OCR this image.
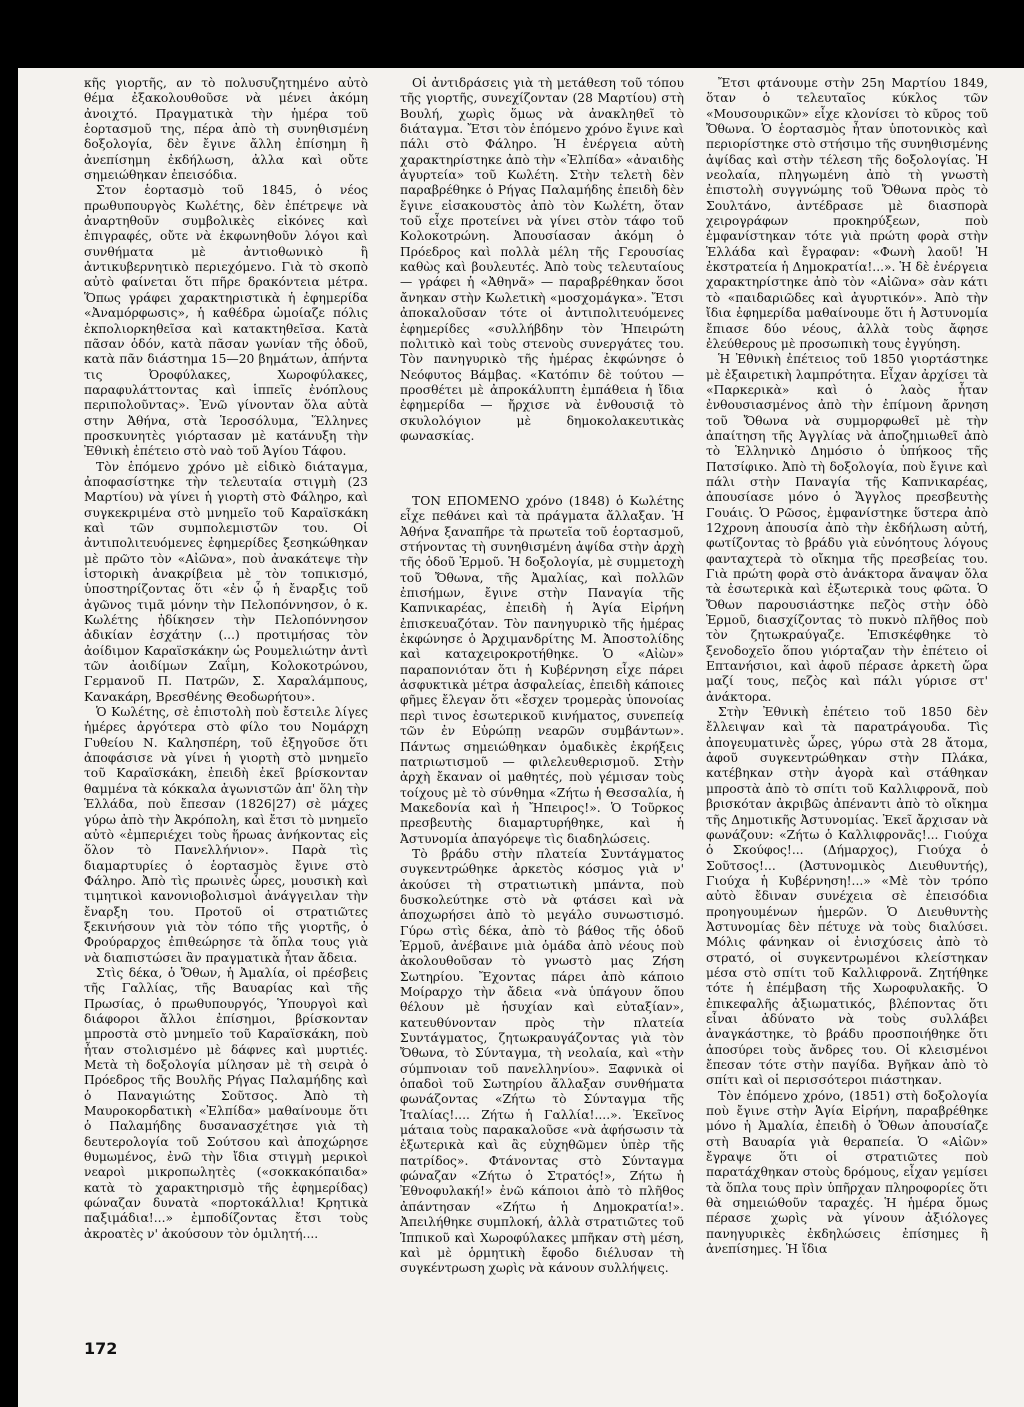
κῆς γιορτῆς, αν τὸ πολυσυζητημένο αὐτὸ θέμα ἐξακολουθοῦσε νὰ μένει ἀκόμη ἀνοιχτό. Πραγματικὰ τὴν ἡμέρα τοῦ ἑορτασμοῦ της, πέρα ἀπὸ τὴ συνηθισμένη δοξολογία, δὲν ἔγινε ἄλλη ἐπίσημη ἢ ἀνεπίσημη ἐκδήλωση, ἀλλα καὶ οὔτε σημειώθηκαν ἐπεισόδια.

Στον ἑορτασμὸ τοῦ 1845, ὁ νέος πρωθυπουργὸς Κωλέτης, δὲν ἐπέτρεψε νὰ ἀναρτηθοῦν συμβολικὲς εἰκόνες καὶ ἐπιγραφές, οὔτε νὰ ἐκφωνηθοῦν λόγοι καὶ συνθήματα μὲ ἀντιοθωνικὸ ἢ ἀντικυβερνητικὸ περιεχόμενο. Γιὰ τὸ σκοπὸ αὐτὸ φαίνεται ὅτι πῆρε δρακόντεια μέτρα. Ὅπως γράφει χαρακτηριστικὰ ἡ ἐφημερίδα «Ἀναμόρφωσις», ἡ καθέδρα ὡμοίαζε πόλις ἐκπολιορκηθεῖσα καὶ κατακτηθεῖσα. Κατὰ πᾶσαν ὁδόν, κατὰ πᾶσαν γωνίαν τῆς ὁδοῦ, κατὰ πᾶν διάστημα 15—20 βημάτων, ἀπήντα τις Ὀροφύλακες, Χωροφύλακες, παραφυλάττοντας καὶ ἱππεῖς ἐνόπλους περιπολοῦντας». Ἐνῶ γίνονταν ὅλα αὐτὰ στην Ἀθήνα, στὰ Ἱεροσόλυμα, Ἕλληνες προσκυνητὲς γιόρτασαν μὲ κατάνυξη τὴν Ἐθνικὴ ἐπέτειο στὸ ναὸ τοῦ Ἁγίου Τάφου.

Τὸν ἑπόμενο χρόνο μὲ εἰδικὸ διάταγμα, ἀποφασίστηκε τὴν τελευταία στιγμὴ (23 Μαρτίου) νὰ γίνει ἡ γιορτὴ στὸ Φάληρο, καὶ συγκεκριμένα στὸ μνημεῖο τοῦ Καραϊσκάκη καὶ τῶν συμπολεμιστῶν του. Οἱ ἀντιπολιτευόμενες ἐφημερίδες ξεσηκώθηκαν μὲ πρῶτο τὸν «Αἰῶνα», ποὺ ἀνακάτεψε τὴν ἱστορικὴ ἀνακρίβεια μὲ τὸν τοπικισμό, ὑποστηρίζοντας ὅτι «ἐν ᾧ ἡ ἔναρξις τοῦ ἀγῶνος τιμᾶ μόνην τὴν Πελοπόννησον, ὁ κ. Κωλέτης ἠδίκησεν τὴν Πελοπόννησον ἀδικίαν ἐσχάτην (...) προτιμήσας τὸν ἀοίδιμον Καραϊσκάκην ὡς Ρουμελιώτην ἀντὶ τῶν ἀοιδίμων Ζαΐμη, Κολοκοτρώνου, Γερμανοῦ Π. Πατρῶν, Σ. Χαραλάμπους, Κανακάρη, Βρεσθένης Θεοδωρήτου».

Ὁ Κωλέτης, σὲ ἐπιστολὴ ποὺ ἔστειλε λίγες ἡμέρες ἀργότερα στὸ φίλο του Νομάρχη Γυθείου Ν. Καλησπέρη, τοῦ ἐξηγοῦσε ὅτι ἀποφάσισε νὰ γίνει ἡ γιορτὴ στὸ μνημεῖο τοῦ Καραϊσκάκη, ἐπειδὴ ἐκεῖ βρίσκονταν θαμμένα τὰ κόκκαλα ἀγωνιστῶν ἀπ' ὅλη τὴν Ἑλλάδα, ποὺ ἔπεσαν (1826|27) σὲ μάχες γύρω ἀπὸ τὴν Ἀκρόπολη, καὶ ἔτσι τὸ μνημεῖο αὐτὸ «ἐμπεριέχει τοὺς ἥρωας ἀνήκοντας εἰς ὅλον τὸ Πανελλήνιον». Παρὰ τὶς διαμαρτυρίες ὁ ἑορτασμὸς ἔγινε στὸ Φάληρο. Ἀπὸ τὶς πρωινὲς ὧρες, μουσικὴ καὶ τιμητικοὶ κανονιοβολισμοὶ ἀνάγγειλαν τὴν ἔναρξη του. Προτοῦ οἱ στρατιῶτες ξεκινήσουν γιὰ τὸν τόπο τῆς γιορτῆς, ὁ Φρούραρχος ἐπιθεώρησε τὰ ὅπλα τους γιὰ νὰ διαπιστώσει ἂν πραγματικὰ ἦταν ἄδεια.

Στὶς δέκα, ὁ Ὄθων, ἡ Ἀμαλία, οἱ πρέσβεις τῆς Γαλλίας, τῆς Βαυαρίας καὶ τῆς Πρωσίας, ὁ πρωθυπουργός, Ὑπουργοὶ καὶ διάφοροι ἄλλοι ἐπίσημοι, βρίσκονταν μπροστὰ στὸ μνημεῖο τοῦ Καραϊσκάκη, ποὺ ἦταν στολισμένο μὲ δάφνες καὶ μυρτιές. Μετὰ τὴ δοξολογία μίλησαν μὲ τὴ σειρὰ ὁ Πρόεδρος τῆς Βουλῆς Ρήγας Παλαμήδης καὶ ὁ Παναγιώτης Σοῦτσος. Ἀπὸ τὴ Μαυροκορδατικὴ «Ἐλπίδα» μαθαίνουμε ὅτι ὁ Παλαμήδης δυσανασχέτησε γιὰ τὴ δευτερολογία τοῦ Σούτσου καὶ ἀποχώρησε θυμωμένος, ἐνῶ τὴν ἴδια στιγμὴ μερικοὶ νεαροὶ μικροπωλητὲς («σοκκακόπαιδα» κατὰ τὸ χαρακτηρισμὸ τῆς ἐφημερίδας) φώναζαν δυνατὰ «πορτοκάλλια! Κρητικὰ παξιμάδια!...» ἐμποδίζοντας ἔτσι τοὺς ἀκροατὲς ν' ἀκούσουν τὸν ὁμιλητή....

Οἱ ἀντιδράσεις γιὰ τὴ μετάθεση τοῦ τόπου τῆς γιορτῆς, συνεχίζονταν (28 Μαρτίου) στὴ Βουλή, χωρὶς ὅμως νὰ ἀνακληθεῖ τὸ διάταγμα. Ἔτσι τὸν ἑπόμενο χρόνο ἔγινε καὶ πάλι στὸ Φάληρο. Ἡ ἐνέργεια αὐτὴ χαρακτηρίστηκε ἀπὸ τὴν «Ἐλπίδα» «ἀναιδὴς ἀγυρτεία» τοῦ Κωλέτη. Στὴν τελετὴ δὲν παραβρέθηκε ὁ Ρήγας Παλαμήδης ἐπειδὴ δὲν ἔγινε εἰσακουστὸς ἀπὸ τὸν Κωλέτη, ὅταν τοῦ εἶχε προτείνει νὰ γίνει στὸν τάφο τοῦ Κολοκοτρώνη. Ἀπουσίασαν ἀκόμη ὁ Πρόεδρος καὶ πολλὰ μέλη τῆς Γερουσίας καθὼς καὶ βουλευτές. Ἀπὸ τοὺς τελευταίους — γράφει ἡ «Ἀθηνᾶ» — παραβρέθηκαν ὅσοι ἄνηκαν στὴν Κωλετικὴ «μοσχομάγκα». Ἔτσι ἀποκαλοῦσαν τότε οἱ ἀντιπολιτευόμενες ἐφημερίδες «συλλήβδην τὸν Ἠπειρώτη πολιτικὸ καὶ τοὺς στενοὺς συνεργάτες του. Τὸν πανηγυρικὸ τῆς ἡμέρας ἐκφώνησε ὁ Νεόφυτος Βάμβας. «Κατόπιν δὲ τούτου — προσθέτει μὲ ἀπροκάλυπτη ἐμπάθεια ἡ ἴδια ἐφημερίδα — ἤρχισε νὰ ἐνθουσιᾷ τὸ σκυλολόγιον μὲ δημοκολακευτικὰς φωνασκίας.

ΤΟΝ ΕΠΟΜΕΝΟ χρόνο (1848) ὁ Κωλέτης εἶχε πεθάνει καὶ τὰ πράγματα ἄλλαξαν. Ἡ Ἀθήνα ξαναπῆρε τὰ πρωτεῖα τοῦ ἑορτασμοῦ, στήνοντας τὴ συνηθισμένη ἁψίδα στὴν ἀρχὴ τῆς ὁδοῦ Ἑρμοῦ. Ἡ δοξολογία, μὲ συμμετοχὴ τοῦ Ὄθωνα, τῆς Ἀμαλίας, καὶ πολλῶν ἐπισήμων, ἔγινε στὴν Παναγία τῆς Καπνικαρέας, ἐπειδὴ ἡ Ἁγία Εἰρήνη ἐπισκευαζόταν. Τὸν πανηγυρικὸ τῆς ἡμέρας ἐκφώνησε ὁ Ἀρχιμανδρίτης Μ. Ἀποστολίδης καὶ καταχειροκροτήθηκε. Ὁ «Αἰὼν» παραπονιόταν ὅτι ἡ Κυβέρνηση εἶχε πάρει ἀσφυκτικὰ μέτρα ἀσφαλείας, ἐπειδὴ κάποιες φῆμες ἔλεγαν ὅτι «ἔσχεν τρομερὰς ὑπονοίας περὶ τινος ἐσωτερικοῦ κινήματος, συνεπείᾳ τῶν ἐν Εὐρώπῃ νεαρῶν συμβάντων». Πάντως σημειώθηκαν ὁμαδικὲς ἐκρήξεις πατριωτισμοῦ — φιλελευθερισμοῦ. Στὴν ἀρχὴ ἔκαναν οἱ μαθητές, ποὺ γέμισαν τοὺς τοίχους μὲ τὸ σύνθημα «Ζήτω ἡ Θεσσαλία, ἡ Μακεδονία καὶ ἡ Ἤπειρος!». Ὁ Τοῦρκος πρεσβευτὴς διαμαρτυρήθηκε, καὶ ἡ Ἀστυνομία ἀπαγόρεψε τὶς διαδηλώσεις.

Τὸ βράδυ στὴν πλατεία Συντάγματος συγκεντρώθηκε ἀρκετὸς κόσμος γιὰ ν' ἀκούσει τὴ στρατιωτικὴ μπάντα, ποὺ δυσκολεύτηκε στὸ νὰ φτάσει καὶ νὰ ἀποχωρήσει ἀπὸ τὸ μεγάλο συνωστισμό. Γύρω στὶς δέκα, ἀπὸ τὸ βάθος τῆς ὁδοῦ Ἑρμοῦ, ἀνέβαινε μιὰ ὁμάδα ἀπὸ νέους ποὺ ἀκολουθοῦσαν τὸ γνωστὸ μας Ζήση Σωτηρίου. Ἔχοντας πάρει ἀπὸ κάποιο Μοίραρχο τὴν ἄδεια «νὰ ὑπάγουν ὅπου θέλουν μὲ ἡσυχίαν καὶ εὐταξίαν», κατευθύνονταν πρὸς τὴν πλατεία Συντάγματος, ζητωκραυγάζοντας γιὰ τὸν Ὄθωνα, τὸ Σύνταγμα, τὴ νεολαία, καὶ «τὴν σύμπνοιαν τοῦ πανελληνίου». Ξαφνικὰ οἱ ὁπαδοὶ τοῦ Σωτηρίου ἄλλαξαν συνθήματα φωνάζοντας «Ζήτω τὸ Σύνταγμα τῆς Ἰταλίας!.... Ζήτω ἡ Γαλλία!....». Ἐκεῖνος μάταια τοὺς παρακαλοῦσε «νὰ ἀφήσωσιν τὰ ἐξωτερικὰ καὶ ἂς εὐχηθῶμεν ὑπὲρ τῆς πατρίδος». Φτάνοντας στὸ Σύνταγμα φώναζαν «Ζήτω ὁ Στρατός!», Ζήτω ἡ Ἐθνοφυλακή!» ἐνῶ κάποιοι ἀπὸ τὸ πλῆθος ἀπάντησαν «Ζήτω ἡ Δημοκρατία!». Ἀπειλήθηκε συμπλοκή, ἀλλὰ στρατιῶτες τοῦ Ἱππικοῦ καὶ Χωροφύλακες μπῆκαν στὴ μέση, καὶ μὲ ὁρμητικὴ ἔφοδο διέλυσαν τὴ συγκέντρωση χωρὶς νὰ κάνουν συλλήψεις.

Ἔτσι φτάνουμε στὴν 25η Μαρτίου 1849, ὅταν ὁ τελευταῖος κύκλος τῶν «Μουσουρικῶν» εἶχε κλονίσει τὸ κῦρος τοῦ Ὄθωνα. Ὁ ἑορτασμὸς ἦταν ὑποτονικὸς καὶ περιορίστηκε στὸ στήσιμο τῆς συνηθισμένης ἀψίδας καὶ στὴν τέλεση τῆς δοξολογίας. Ἡ νεολαία, πληγωμένη ἀπὸ τὴ γνωστὴ ἐπιστολὴ συγγνώμης τοῦ Ὄθωνα πρὸς τὸ Σουλτάνο, ἀντέδρασε μὲ διασπορὰ χειρογράφων προκηρύξεων, ποὺ ἐμφανίστηκαν τότε γιὰ πρώτη φορὰ στὴν Ἑλλάδα καὶ ἔγραφαν: «Φωνὴ λαοῦ! Ἡ ἐκστρατεία ἡ Δημοκρατία!...». Ἡ δὲ ἐνέργεια χαρακτηρίστηκε ἀπὸ τὸν «Αἰῶνα» σὰν κάτι τὸ «παιδαριῶδες καὶ ἀγυρτικόν». Ἀπὸ τὴν ἴδια ἐφημερίδα μαθαίνουμε ὅτι ἡ Ἀστυνομία ἔπιασε δύο νέους, ἀλλὰ τοὺς ἄφησε ἐλεύθερους μὲ προσωπικὴ τους ἐγγύηση.

Ἡ Ἐθνικὴ ἐπέτειος τοῦ 1850 γιορτάστηκε μὲ ἐξαιρετικὴ λαμπρότητα. Εἶχαν ἀρχίσει τὰ «Παρκερικὰ» καὶ ὁ λαὸς ἦταν ἐνθουσιασμένος ἀπὸ τὴν ἐπίμονη ἄρνηση τοῦ Ὄθωνα νὰ συμμορφωθεῖ μὲ τὴν ἀπαίτηση τῆς Ἀγγλίας νὰ ἀποζημιωθεῖ ἀπὸ τὸ Ἑλληνικὸ Δημόσιο ὁ ὑπήκοος τῆς Πατσίφικο. Ἀπὸ τὴ δοξολογία, ποὺ ἔγινε καὶ πάλι στὴν Παναγία τῆς Καπνικαρέας, ἀπουσίασε μόνο ὁ Ἄγγλος πρεσβευτὴς Γουάις. Ὁ Ρῶσος, ἐμφανίστηκε ὕστερα ἀπὸ 12χρονη ἀπουσία ἀπὸ τὴν ἐκδήλωση αὐτή, φωτίζοντας τὸ βράδυ γιὰ εὐνόητους λόγους φανταχτερὰ τὸ οἴκημα τῆς πρεσβείας του. Γιὰ πρώτη φορὰ στὸ ἀνάκτορα ἄναψαν ὅλα τὰ ἐσωτερικὰ καὶ ἐξωτερικὰ τους φῶτα. Ὁ Ὄθων παρουσιάστηκε πεζὸς στὴν ὁδὸ Ἑρμοῦ, διασχίζοντας τὸ πυκνὸ πλῆθος ποὺ τὸν ζητωκραύγαζε. Ἐπισκέφθηκε τὸ ξενοδοχεῖο ὅπου γιόρταζαν τὴν ἐπέτειο οἱ Επτανήσιοι, καὶ ἀφοῦ πέρασε ἀρκετὴ ὥρα μαζί τους, πεζὸς καὶ πάλι γύρισε στ' ἀνάκτορα.

Στὴν Ἐθνικὴ ἐπέτειο τοῦ 1850 δὲν ἔλλειψαν καὶ τὰ παρατράγουδα. Τὶς ἀπογευματινὲς ὧρες, γύρω στὰ 28 ἄτομα, ἀφοῦ συγκεντρώθηκαν στὴν Πλάκα, κατέβηκαν στὴν ἀγορὰ καὶ στάθηκαν μπροστὰ ἀπὸ τὸ σπίτι τοῦ Καλλιφρονᾶ, ποὺ βρισκόταν ἀκριβῶς ἀπέναντι ἀπὸ τὸ οἴκημα τῆς Δημοτικῆς Ἀστυνομίας. Ἐκεῖ ἄρχισαν νὰ φωνάζουν: «Ζήτω ὁ Καλλιφρονᾶς!... Γιούχα ὁ Σκούφος!... (Δήμαρχος), Γιούχα ὁ Σοῦτσος!... (Ἀστυνομικὸς Διευθυντής), Γιούχα ἡ Κυβέρνηση!...» «Μὲ τὸν τρόπο αὐτὸ ἔδιναν συνέχεια σὲ ἐπεισόδια προηγουμένων ἡμερῶν. Ὁ Διευθυντὴς Ἀστυνομίας δὲν πέτυχε νὰ τοὺς διαλύσει. Μόλις φάνηκαν οἱ ἐνισχύσεις ἀπὸ τὸ στρατό, οἱ συγκεντρωμένοι κλείστηκαν μέσα στὸ σπίτι τοῦ Καλλιφρονᾶ. Ζητήθηκε τότε ἡ ἐπέμβαση τῆς Χωροφυλακῆς. Ὁ ἐπικεφαλῆς ἀξιωματικός, βλέποντας ὅτι εἶναι ἀδύνατο νὰ τοὺς συλλάβει ἀναγκάστηκε, τὸ βράδυ προσποιήθηκε ὅτι ἀποσύρει τοὺς ἄνδρες του. Οἱ κλεισμένοι ἔπεσαν τότε στὴν παγίδα. Βγῆκαν ἀπὸ τὸ σπίτι καὶ οἱ περισσότεροι πιάστηκαν.

Τὸν ἑπόμενο χρόνο, (1851) στὴ δοξολογία ποὺ ἔγινε στὴν Ἁγία Εἰρήνη, παραβρέθηκε μόνο ἡ Ἀμαλία, ἐπειδὴ ὁ Ὄθων ἀπουσίαζε στὴ Βαυαρία γιὰ θεραπεία. Ὁ «Αἰῶν» ἔγραψε ὅτι οἱ στρατιῶτες ποὺ παρατάχθηκαν στοὺς δρόμους, εἶχαν γεμίσει τὰ ὅπλα τους πρὶν ὑπῆρχαν πληροφορίες ὅτι θὰ σημειώθοῦν ταραχές. Ἡ ἡμέρα ὅμως πέρασε χωρὶς νὰ γίνουν ἀξιόλογες πανηγυρικὲς ἐκδηλώσεις ἐπίσημες ἢ ἀνεπίσημες. Ἡ ἴδια

172
